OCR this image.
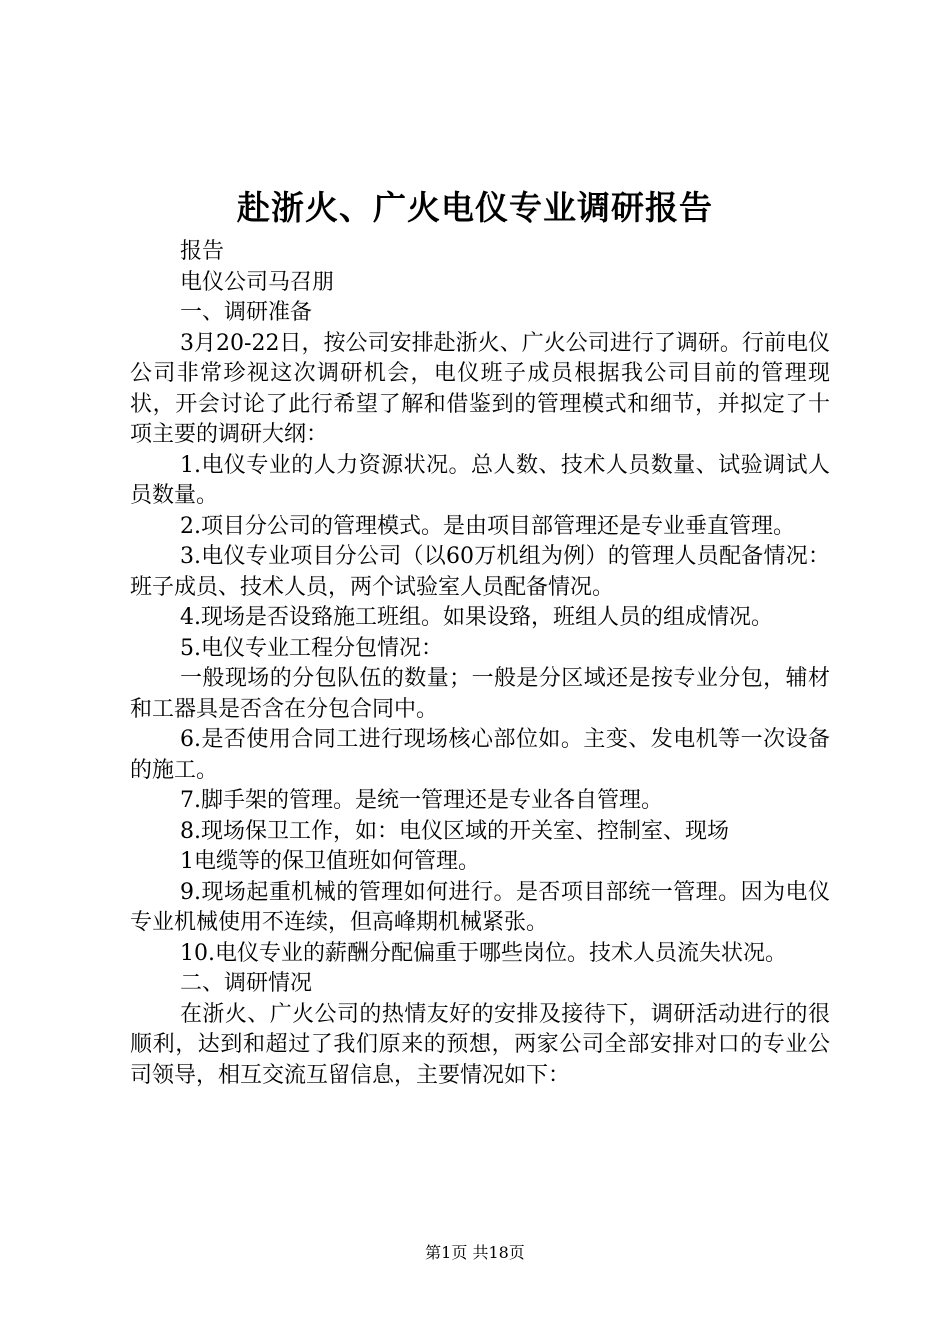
赴浙火、广火电仪专业调研报告

报告

电仪公司马召朋

一、调研准备

3月20-22日，按公司安排赴浙火、广火公司进行了调研。行前电仪公司非常珍视这次调研机会，电仪班子成员根据我公司目前的管理现状，开会讨论了此行希望了解和借鉴到的管理模式和细节，并拟定了十项主要的调研大纲：

1.电仪专业的人力资源状况。总人数、技术人员数量、试验调试人员数量。

2.项目分公司的管理模式。是由项目部管理还是专业垂直管理。

3.电仪专业项目分公司（以60万机组为例）的管理人员配备情况：班子成员、技术人员，两个试验室人员配备情况。

4.现场是否设臵施工班组。如果设臵，班组人员的组成情况。

5.电仪专业工程分包情况：

一般现场的分包队伍的数量；一般是分区域还是按专业分包，辅材和工器具是否含在分包合同中。

6.是否使用合同工进行现场核心部位如。主变、发电机等一次设备的施工。

7.脚手架的管理。是统一管理还是专业各自管理。

8.现场保卫工作，如：电仪区域的开关室、控制室、现场

1电缆等的保卫值班如何管理。

9.现场起重机械的管理如何进行。是否项目部统一管理。因为电仪专业机械使用不连续，但高峰期机械紧张。

10.电仪专业的薪酬分配偏重于哪些岗位。技术人员流失状况。

二、调研情况

在浙火、广火公司的热情友好的安排及接待下，调研活动进行的很顺利，达到和超过了我们原来的预想，两家公司全部安排对口的专业公司领导，相互交流互留信息，主要情况如下：

第1页 共18页
